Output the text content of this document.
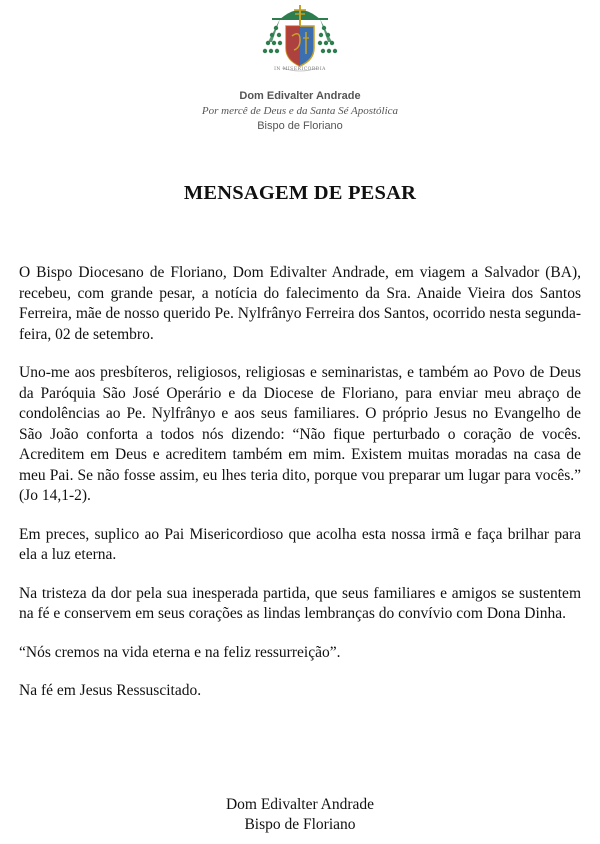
IN MISERICORDIA
Dom Edivalter Andrade
Por mercê de Deus e da Santa Sé Apostólica
Bispo de Floriano
MENSAGEM DE PESAR

O Bispo Diocesano de Floriano, Dom Edivalter Andrade, em viagem a Salvador (BA), recebeu, com grande pesar, a notícia do falecimento da Sra. Anaide Vieira dos Santos Ferreira, mãe de nosso querido Pe. Nylfrânyo Ferreira dos Santos, ocorrido nesta segunda-feira, 02 de setembro.

Uno-me aos presbíteros, religiosos, religiosas e seminaristas, e também ao Povo de Deus da Paróquia São José Operário e da Diocese de Floriano, para enviar meu abraço de condolências ao Pe. Nylfrânyo e aos seus familiares. O próprio Jesus no Evangelho de São João conforta a todos nós dizendo: “Não fique perturbado o coração de vocês. Acreditem em Deus e acreditem também em mim. Existem muitas moradas na casa de meu Pai. Se não fosse assim, eu lhes teria dito, porque vou preparar um lugar para vocês.” (Jo 14,1-2).

Em preces, suplico ao Pai Misericordioso que acolha esta nossa irmã e faça brilhar para ela a luz eterna.

Na tristeza da dor pela sua inesperada partida, que seus familiares e amigos se sustentem na fé e conservem em seus corações as lindas lembranças do convívio com Dona Dinha.

“Nós cremos na vida eterna e na feliz ressurreição”.

Na fé em Jesus Ressuscitado.

Dom Edivalter Andrade
Bispo de Floriano
